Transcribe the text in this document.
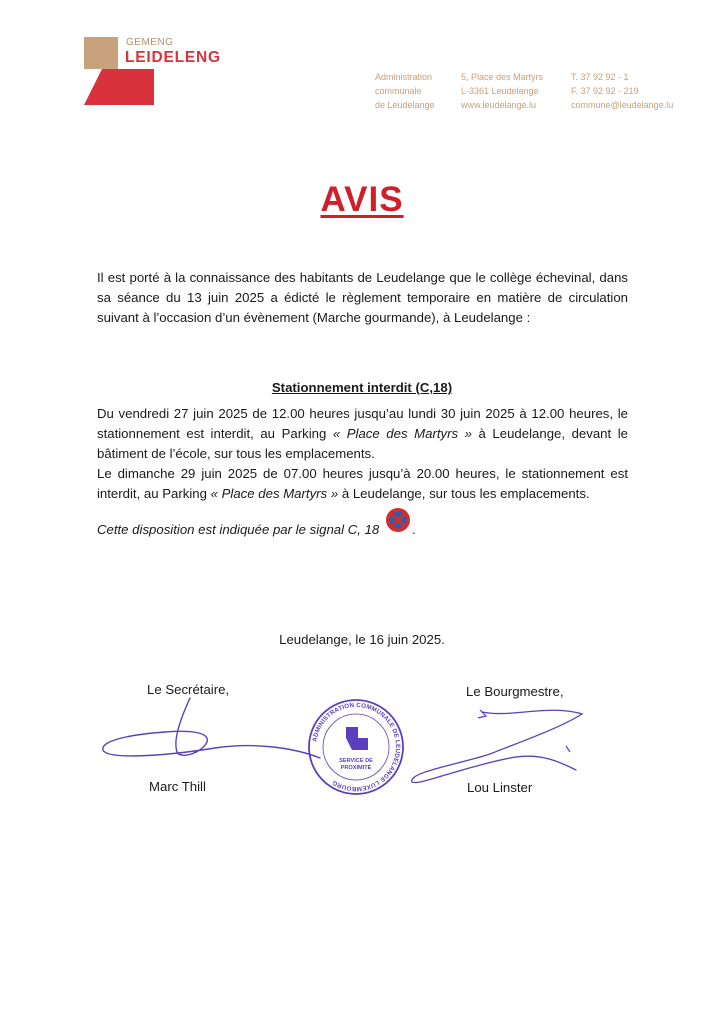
GEMENG
LEIDELENG
Administration
communale
de Leudelange
5, Place des Martyrs
L-3361 Leudelange
www.leudelange.lu
T. 37 92 92 - 1
F. 37 92 92 - 219
commune@leudelange.lu
AVIS
Il est porté à la connaissance des habitants de Leudelange que le collège échevinal, dans sa séance du 13 juin 2025 a édicté le règlement temporaire en matière de circulation suivant à l’occasion d’un évènement (Marche gourmande), à Leudelange :
Stationnement interdit (C,18)
Du vendredi 27 juin 2025 de 12.00 heures jusqu’au lundi 30 juin 2025 à 12.00 heures, le stationnement est interdit, au Parking « Place des Martyrs » à Leudelange, devant le bâtiment de l’école, sur tous les emplacements.
Le dimanche 29 juin 2025 de 07.00 heures jusqu’à 20.00 heures, le stationnement est interdit, au Parking « Place des Martyrs » à Leudelange, sur tous les emplacements.
Cette disposition est indiquée par le signal C, 18 .
Leudelange, le 16 juin 2025.
Le Secrétaire,
Marc Thill
Le Bourgmestre,
Lou Linster
ADMINISTRATION COMMUNALE DE LEUDELANGE LUXEMBOURG
SERVICE DE
PROXIMITÉ
